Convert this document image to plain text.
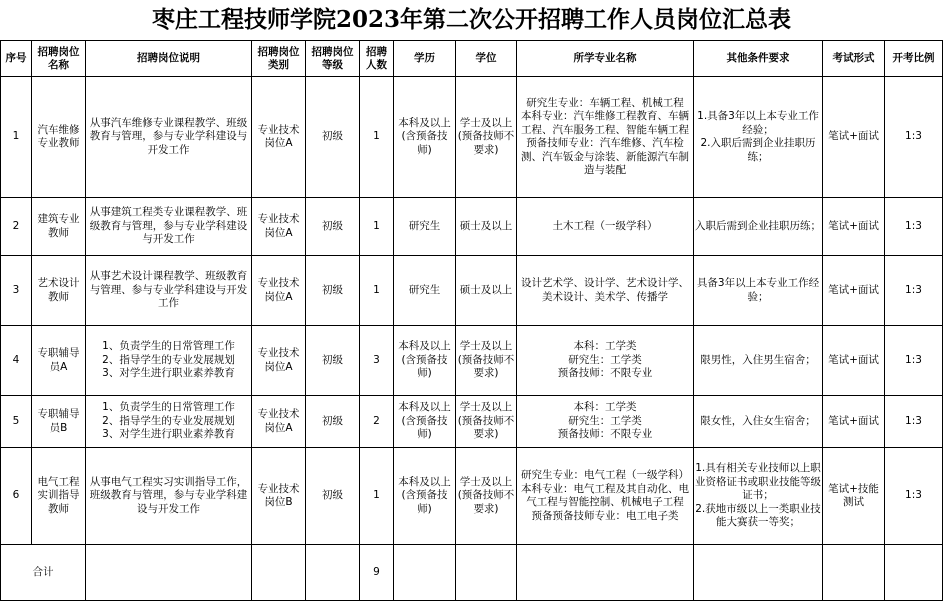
枣庄工程技师学院2023年第二次公开招聘工作人员岗位汇总表
序号	招聘岗位名称	招聘岗位说明	招聘岗位类别	招聘岗位等级	招聘人数	学历	学位	所学专业名称	其他条件要求	考试形式	开考比例
1	汽车维修专业教师	从事汽车维修专业课程教学、班级教育与管理，参与专业学科建设与开发工作	专业技术岗位A	初级	1	本科及以上(含预备技师)	学士及以上(预备技师不要求)	研究生专业：车辆工程、机械工程
本科专业：汽车维修工程教育、车辆工程、汽车服务工程、智能车辆工程
预备技师专业：汽车维修、汽车检测、汽车钣金与涂装、新能源汽车制造与装配	1.具备3年以上本专业工作经验；
2.入职后需到企业挂职历练；	笔试+面试	1:3
2	建筑专业教师	从事建筑工程类专业课程教学、班级教育与管理，参与专业学科建设与开发工作	专业技术岗位A	初级	1	研究生	硕士及以上	土木工程（一级学科）	入职后需到企业挂职历练；	笔试+面试	1:3
3	艺术设计教师	从事艺术设计课程教学、班级教育与管理、参与专业学科建设与开发工作	专业技术岗位A	初级	1	研究生	硕士及以上	设计艺术学、设计学、艺术设计学、美术设计、美术学、传播学	具备3年以上本专业工作经验；	笔试+面试	1:3
4	专职辅导员A	1、负责学生的日常管理工作
2、指导学生的专业发展规划
3、对学生进行职业素养教育	专业技术岗位A	初级	3	本科及以上(含预备技师)	学士及以上(预备技师不要求)	本科：工学类
研究生：工学类
预备技师：不限专业	限男性，入住男生宿舍；	笔试+面试	1:3
5	专职辅导员B	1、负责学生的日常管理工作
2、指导学生的专业发展规划
3、对学生进行职业素养教育	专业技术岗位A	初级	2	本科及以上(含预备技师)	学士及以上(预备技师不要求)	本科：工学类
研究生：工学类
预备技师：不限专业	限女性，入住女生宿舍；	笔试+面试	1:3
6	电气工程实训指导教师	从事电气工程实习实训指导工作，班级教育与管理，参与专业学科建设与开发工作	专业技术岗位B	初级	1	本科及以上(含预备技师)	学士及以上(预备技师不要求)	研究生专业：电气工程（一级学科）
本科专业：电气工程及其自动化、电气工程与智能控制、机械电子工程
预备预备技师专业：电工电子类	1.具有相关专业技师以上职业资格证书或职业技能等级证书；
2.获地市级以上一类职业技能大赛获一等奖；	笔试+技能测试	1:3
合计					9						
